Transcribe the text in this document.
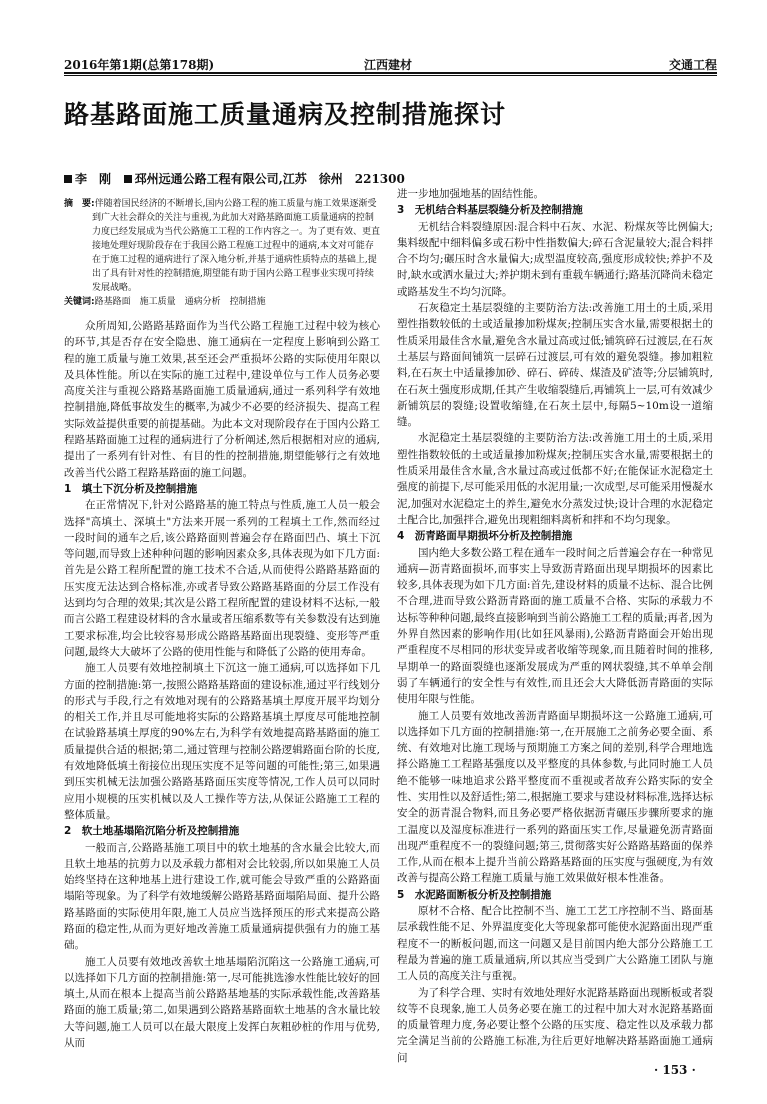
2016年第1期(总第178期)	江西建材	交通工程
路基路面施工质量通病及控制措施探讨
李　刚 邳州远通公路工程有限公司,江苏　徐州　221300
摘　要:伴随着国民经济的不断增长,国内公路工程的施工质量与施工效果逐渐受到广大社会群众的关注与重视,为此加大对路基路面施工质量通病的控制力度已经发展成为当代公路施工工程的工作内容之一。为了更有效、更直接地处理好现阶段存在于我国公路工程施工过程中的通病,本文对可能存在于施工过程的通病进行了深入地分析,并基于通病性质特点的基础上,提出了具有针对性的控制措施,期望能有助于国内公路工程事业实现可持续发展战略。
关键词:路基路面　施工质量　通病分析　控制措施

众所周知,公路路基路面作为当代公路工程施工过程中较为核心的环节,其是否存在安全隐患、施工通病在一定程度上影响到公路工程的施工质量与施工效果,甚至还会严重损坏公路的实际使用年限以及具体性能。所以在实际的施工过程中,建设单位与工作人员务必要高度关注与重视公路路基路面施工质量通病,通过一系列科学有效地控制措施,降低事故发生的概率,为减少不必要的经济损失、提高工程实际效益提供重要的前提基础。为此本文对现阶段存在于国内公路工程路基路面施工过程的通病进行了分析阐述,然后根据相对应的通病,提出了一系列有针对性、有目的性的控制措施,期望能够行之有效地改善当代公路工程路基路面的施工问题。

1　填土下沉分析及控制措施

在正常情况下,针对公路路基的施工特点与性质,施工人员一般会选择"高填土、深填土"方法来开展一系列的工程填土工作,然而经过一段时间的通车之后,该公路路面则普遍会存在路面凹凸、填土下沉等问题,而导致上述种种问题的影响因素众多,具体表现为如下几方面:首先是公路工程所配置的施工技术不合适,从而使得公路路基路面的压实度无法达到合格标准,亦或者导致公路路基路面的分层工作没有达到均匀合理的效果;其次是公路工程所配置的建设材料不达标,一般而言公路工程建设材料的含水量或者压缩系数等有关参数没有达到施工要求标准,均会比较容易形成公路路基路面出现裂缝、变形等严重问题,最终大大破坏了公路的使用性能与和降低了公路的使用寿命。

施工人员要有效地控制填土下沉这一施工通病,可以选择如下几方面的控制措施:第一,按照公路路基路面的建设标准,通过平行线划分的形式与手段,行之有效地对现有的公路路基填土厚度开展平均划分的相关工作,并且尽可能地将实际的公路路基填土厚度尽可能地控制在试验路基填土厚度的90%左右,为科学有效地提高路基路面的施工质量提供合适的根据;第二,通过管理与控制公路逻辑路面台阶的长度,有效地降低填土衔接位出现压实度不足等问题的可能性;第三,如果遇到压实机械无法加强公路路基路面压实度等情况,工作人员可以同时应用小规模的压实机械以及人工操作等方法,从保证公路施工工程的整体质量。

2　软土地基塌陷沉陷分析及控制措施

一般而言,公路路基施工项目中的软土地基的含水量会比较大,而且软土地基的抗剪力以及承载力都相对会比较弱,所以如果施工人员始终坚持在这种地基上进行建设工作,就可能会导致严重的公路路面塌陷等现象。为了科学有效地缓解公路路基路面塌陷局面、提升公路路基路面的实际使用年限,施工人员应当选择预压的形式来提高公路路面的稳定性,从而为更好地改善施工质量通病提供强有力的施工基础。

施工人员要有效地改善软土地基塌陷沉陷这一公路施工通病,可以选择如下几方面的控制措施:第一,尽可能挑选渗水性能比较好的回填土,从而在根本上提高当前公路路基地基的实际承载性能,改善路基路面的施工质量;第二,如果遇到公路路基路面软土地基的含水量比较大等问题,施工人员可以在最大限度上发挥白灰粗砂桩的作用与优势,从而

进一步地加强地基的固结性能。

3　无机结合料基层裂缝分析及控制措施

无机结合料裂缝原因:混合料中石灰、水泥、粉煤灰等比例偏大;集料级配中细料偏多或石粉中性指数偏大;碎石含泥量较大;混合料拌合不均匀;碾压时含水量偏大;成型温度较高,强度形成较快;养护不及时,缺水或洒水量过大;养护期未到有重载车辆通行;路基沉降尚未稳定或路基发生不均匀沉降。

石灰稳定土基层裂缝的主要防治方法:改善施工用土的土质,采用塑性指数较低的土或适量掺加粉煤灰;控制压实含水量,需要根据土的性质采用最佳含水量,避免含水量过高或过低;铺筑碎石过渡层,在石灰土基层与路面间铺筑一层碎石过渡层,可有效的避免裂缝。掺加粗粒料,在石灰土中适量掺加砂、碎石、碎砖、煤渣及矿渣等;分层铺筑时,在石灰土强度形成期,任其产生收缩裂缝后,再铺筑上一层,可有效减少新铺筑层的裂缝;设置收缩缝,在石灰土层中,每隔5~10m设一道缩缝。

水泥稳定土基层裂缝的主要防治方法:改善施工用土的土质,采用塑性指数较低的土或适量掺加粉煤灰;控制压实含水量,需要根据土的性质采用最佳含水量,含水量过高或过低都不好;在能保证水泥稳定土强度的前提下,尽可能采用低的水泥用量;一次成型,尽可能采用慢凝水泥,加强对水泥稳定土的养生,避免水分蒸发过快;设计合理的水泥稳定土配合比,加强拌合,避免出现粗细料离析和拌和不均匀现象。

4　沥青路面早期损坏分析及控制措施

国内绝大多数公路工程在通车一段时间之后普遍会存在一种常见通病—沥青路面损坏,而事实上导致沥青路面出现早期损坏的因素比较多,具体表现为如下几方面:首先,建设材料的质量不达标、混合比例不合理,进而导致公路沥青路面的施工质量不合格、实际的承载力不达标等种种问题,最终直接影响到当前公路施工工程的质量;再者,因为外界自然因素的影响作用(比如狂风暴雨),公路沥青路面会开始出现严重程度不尽相同的形状变异或者收缩等现象,而且随着时间的推移,早期单一的路面裂缝也逐渐发展成为严重的网状裂缝,其不单单会削弱了车辆通行的安全性与有效性,而且还会大大降低沥青路面的实际使用年限与性能。

施工人员要有效地改善沥青路面早期损坏这一公路施工通病,可以选择如下几方面的控制措施:第一,在开展施工之前务必要全面、系统、有效地对比施工现场与预期施工方案之间的差别,科学合理地选择公路施工工程路基强度以及平整度的具体参数,与此同时施工人员绝不能够一味地追求公路平整度而不重视或者故弃公路实际的安全性、实用性以及舒适性;第二,根据施工要求与建设材料标准,选择达标安全的沥青混合物料,而且务必要严格依据沥青碾压步骤所要求的施工温度以及湿度标准进行一系列的路面压实工作,尽量避免沥青路面出现严重程度不一的裂缝问题;第三,贯彻落实好公路路基路面的保养工作,从而在根本上提升当前公路路基路面的压实度与强硬度,为有效改善与提高公路工程施工质量与施工效果做好根本性准备。

5　水泥路面断板分析及控制措施

原材不合格、配合比控制不当、施工工艺工序控制不当、路面基层承载性能不足、外界温度变化大等现象都可能使水泥路面出现严重程度不一的断板问题,而这一问题又是目前国内绝大部分公路施工工程最为普遍的施工质量通病,所以其应当受到广大公路施工团队与施工人员的高度关注与重视。

为了科学合理、实时有效地处理好水泥路基路面出现断板或者裂纹等不良现象,施工人员务必要在施工的过程中加大对水泥路基路面的质量管理力度,务必要让整个公路的压实度、稳定性以及承载力都完全满足当前的公路施工标准,为往后更好地解决路基路面施工通病问

· 153 ·
